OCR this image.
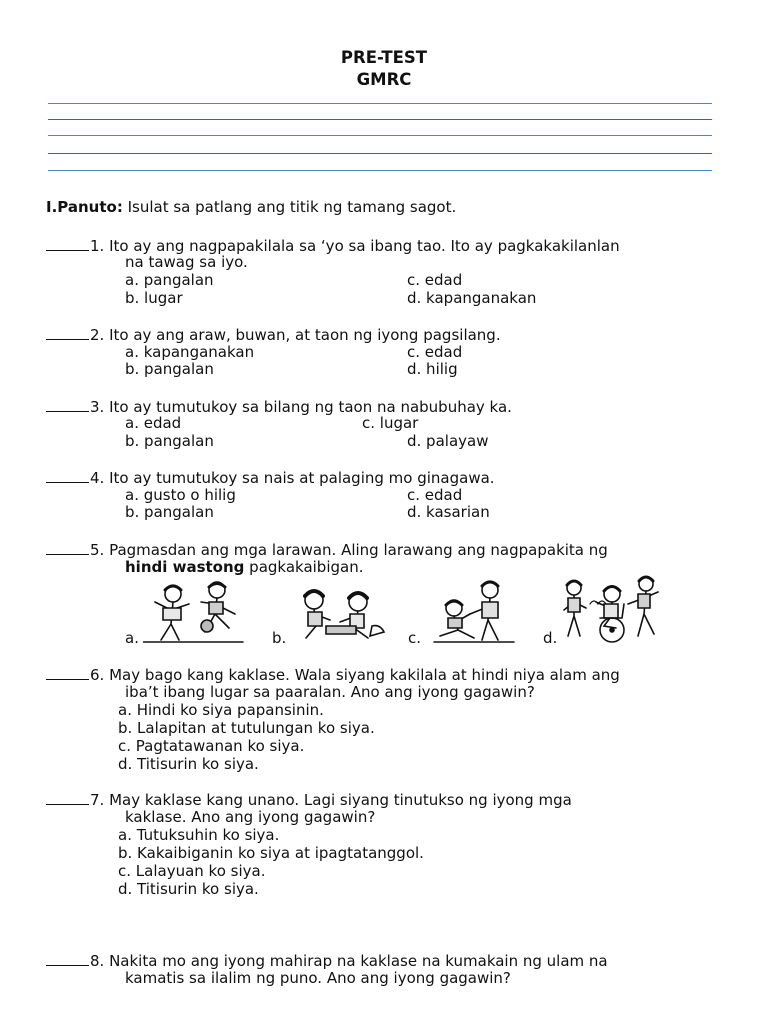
PRE-TEST
GMRC
I.Panuto: Isulat sa patlang ang titik ng tamang sagot.
1. Ito ay ang nagpapakilala sa ‘yo sa ibang tao. Ito ay pagkakakilanlan
na tawag sa iyo.
a. pangalan	c. edad
b. lugar	d. kapanganakan
2. Ito ay ang araw, buwan, at taon ng iyong pagsilang.
a. kapanganakan	c. edad
b. pangalan	d. hilig
3. Ito ay tumutukoy sa bilang ng taon na nabubuhay ka.
a. edad	c. lugar
b. pangalan	d. palayaw
4. Ito ay tumutukoy sa nais at palaging mo ginagawa.
a. gusto o hilig	c. edad
b. pangalan	d. kasarian
5. Pagmasdan ang mga larawan. Aling larawang ang nagpapakita ng
hindi wastong pagkakaibigan.
a.	b.	c.	d.
6. May bago kang kaklase. Wala siyang kakilala at hindi niya alam ang
iba’t ibang lugar sa paaralan. Ano ang iyong gagawin?
a. Hindi ko siya papansinin.
b. Lalapitan at tutulungan ko siya.
c. Pagtatawanan ko siya.
d. Titisurin ko siya.
7. May kaklase kang unano. Lagi siyang tinutukso ng iyong mga
kaklase. Ano ang iyong gagawin?
a. Tutuksuhin ko siya.
b. Kakaibiganin ko siya at ipagtatanggol.
c. Lalayuan ko siya.
d. Titisurin ko siya.
8. Nakita mo ang iyong mahirap na kaklase na kumakain ng ulam na
kamatis sa ilalim ng puno. Ano ang iyong gagawin?
